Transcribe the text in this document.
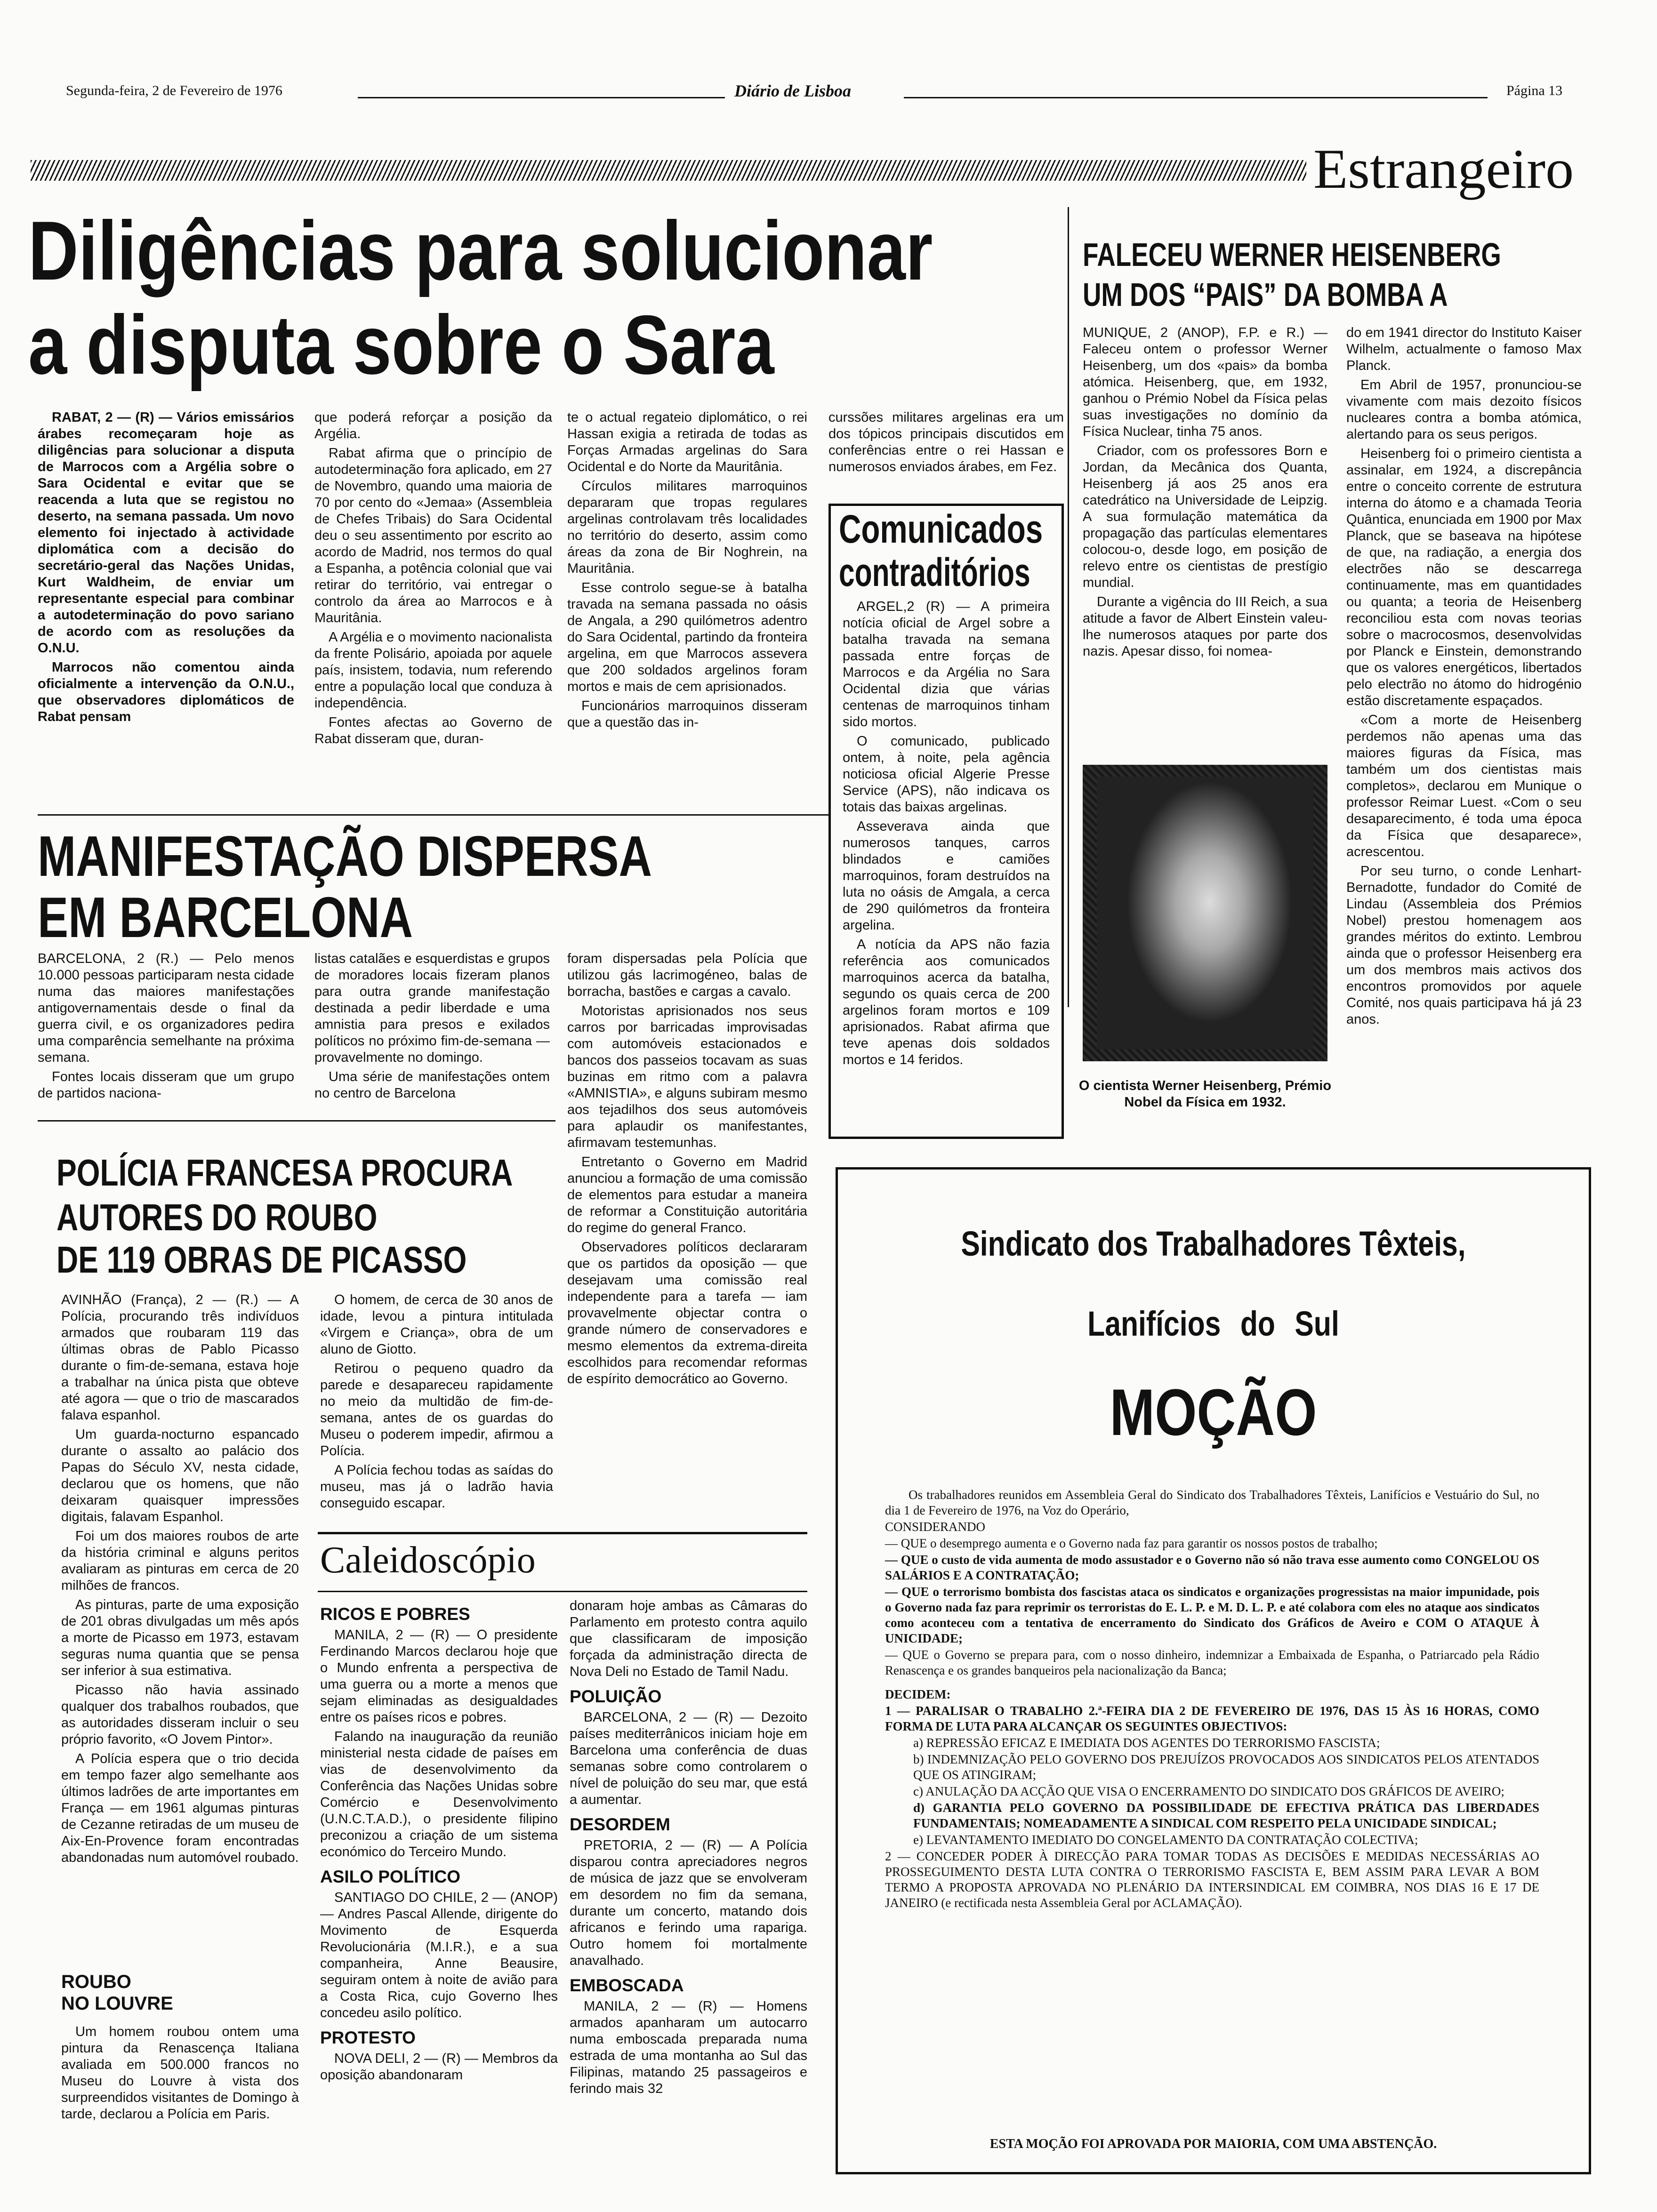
Segunda-feira, 2 de Fevereiro de 1976	Diário de Lisboa	Página 13
Estrangeiro
Diligências para solucionar
a disputa sobre o Sara

RABAT, 2 — (R) — Vários emissários árabes recomeçaram hoje as diligências para solucionar a disputa de Marrocos com a Argélia sobre o Sara Ocidental e evitar que se reacenda a luta que se registou no deserto, na semana passada. Um novo elemento foi injectado à actividade diplomática com a decisão do secretário-geral das Nações Unidas, Kurt Waldheim, de enviar um representante especial para combinar a autodeterminação do povo sariano de acordo com as resoluções da O.N.U.

Marrocos não comentou ainda oficialmente a intervenção da O.N.U., que observadores diplomáticos de Rabat pensam

que poderá reforçar a posição da Argélia.

Rabat afirma que o princípio de autodeterminação fora aplicado, em 27 de Novembro, quando uma maioria de 70 por cento do «Jemaa» (Assembleia de Chefes Tribais) do Sara Ocidental deu o seu assentimento por escrito ao acordo de Madrid, nos termos do qual a Espanha, a potência colonial que vai retirar do território, vai entregar o controlo da área ao Marrocos e à Mauritânia.

A Argélia e o movimento nacionalista da frente Polisário, apoiada por aquele país, insistem, todavia, num referendo entre a população local que conduza à independência.

Fontes afectas ao Governo de Rabat disseram que, duran-

te o actual regateio diplomático, o rei Hassan exigia a retirada de todas as Forças Armadas argelinas do Sara Ocidental e do Norte da Mauritânia.

Círculos militares marroquinos depararam que tropas regulares argelinas controlavam três localidades no território do deserto, assim como áreas da zona de Bir Noghrein, na Mauritânia.

Esse controlo segue-se à batalha travada na semana passada no oásis de Angala, a 290 quilómetros adentro do Sara Ocidental, partindo da fronteira argelina, em que Marrocos assevera que 200 soldados argelinos foram mortos e mais de cem aprisionados.

Funcionários marroquinos disseram que a questão das in-

curssões militares argelinas era um dos tópicos principais discutidos em conferências entre o rei Hassan e numerosos enviados árabes, em Fez.

Comunicados
contraditórios

ARGEL,2 (R) — A primeira notícia oficial de Argel sobre a batalha travada na semana passada entre forças de Marrocos e da Argélia no Sara Ocidental dizia que várias centenas de marroquinos tinham sido mortos.

O comunicado, publicado ontem, à noite, pela agência noticiosa oficial Algerie Presse Service (APS), não indicava os totais das baixas argelinas.

Asseverava ainda que numerosos tanques, carros blindados e camiões marroquinos, foram destruídos na luta no oásis de Amgala, a cerca de 290 quilómetros da fronteira argelina.

A notícia da APS não fazia referência aos comunicados marroquinos acerca da batalha, segundo os quais cerca de 200 argelinos foram mortos e 109 aprisionados. Rabat afirma que teve apenas dois soldados mortos e 14 feridos.

FALECEU WERNER HEISENBERG
UM DOS “PAIS” DA BOMBA A

MUNIQUE, 2 (ANOP), F.P. e R.) — Faleceu ontem o professor Werner Heisenberg, um dos «pais» da bomba atómica. Heisenberg, que, em 1932, ganhou o Prémio Nobel da Física pelas suas investigações no domínio da Física Nuclear, tinha 75 anos.

Criador, com os professores Born e Jordan, da Mecânica dos Quanta, Heisenberg já aos 25 anos era catedrático na Universidade de Leipzig. A sua formulação matemática da propagação das partículas elementares colocou-o, desde logo, em posição de relevo entre os cientistas de prestígio mundial.

Durante a vigência do III Reich, a sua atitude a favor de Albert Einstein valeu-lhe numerosos ataques por parte dos nazis. Apesar disso, foi nomea-

O cientista Werner Heisenberg, Prémio Nobel da Física em 1932.

do em 1941 director do Instituto Kaiser Wilhelm, actualmente o famoso Max Planck.

Em Abril de 1957, pronunciou-se vivamente com mais dezoito físicos nucleares contra a bomba atómica, alertando para os seus perigos.

Heisenberg foi o primeiro cientista a assinalar, em 1924, a discrepância entre o conceito corrente de estrutura interna do átomo e a chamada Teoria Quântica, enunciada em 1900 por Max Planck, que se baseava na hipótese de que, na radiação, a energia dos electrões não se descarrega continuamente, mas em quantidades ou quanta; a teoria de Heisenberg reconciliou esta com novas teorias sobre o macrocosmos, desenvolvidas por Planck e Einstein, demonstrando que os valores energéticos, libertados pelo electrão no átomo do hidrogénio estão discretamente espaçados.

«Com a morte de Heisenberg perdemos não apenas uma das maiores figuras da Física, mas também um dos cientistas mais completos», declarou em Munique o professor Reimar Luest. «Com o seu desaparecimento, é toda uma época da Física que desaparece», acrescentou.

Por seu turno, o conde Lenhart-Bernadotte, fundador do Comité de Lindau (Assembleia dos Prémios Nobel) prestou homenagem aos grandes méritos do extinto. Lembrou ainda que o professor Heisenberg era um dos membros mais activos dos encontros promovidos por aquele Comité, nos quais participava há já 23 anos.

MANIFESTAÇÃO DISPERSA
EM BARCELONA

BARCELONA, 2 (R.) — Pelo menos 10.000 pessoas participaram nesta cidade numa das maiores manifestações antigovernamentais desde o final da guerra civil, e os organizadores pedira uma comparência semelhante na próxima semana.

Fontes locais disseram que um grupo de partidos naciona-

listas catalães e esquerdistas e grupos de moradores locais fizeram planos para outra grande manifestação destinada a pedir liberdade e uma amnistia para presos e exilados políticos no próximo fim-de-semana — provavelmente no domingo.

Uma série de manifestações ontem no centro de Barcelona

foram dispersadas pela Polícia que utilizou gás lacrimogéneo, balas de borracha, bastões e cargas a cavalo.

Motoristas aprisionados nos seus carros por barricadas improvisadas com automóveis estacionados e bancos dos passeios tocavam as suas buzinas em ritmo com a palavra «AMNISTIA», e alguns subiram mesmo aos tejadilhos dos seus automóveis para aplaudir os manifestantes, afirmavam testemunhas.

Entretanto o Governo em Madrid anunciou a formação de uma comissão de elementos para estudar a maneira de reformar a Constituição autoritária do regime do general Franco.

Observadores políticos declararam que os partidos da oposição — que desejavam uma comissão real independente para a tarefa — iam provavelmente objectar contra o grande número de conservadores e mesmo elementos da extrema-direita escolhidos para recomendar reformas de espírito democrático ao Governo.

POLÍCIA FRANCESA PROCURA
AUTORES DO ROUBO
DE 119 OBRAS DE PICASSO

AVINHÃO (França), 2 — (R.) — A Polícia, procurando três indivíduos armados que roubaram 119 das últimas obras de Pablo Picasso durante o fim-de-semana, estava hoje a trabalhar na única pista que obteve até agora — que o trio de mascarados falava espanhol.

Um guarda-nocturno espancado durante o assalto ao palácio dos Papas do Século XV, nesta cidade, declarou que os homens, que não deixaram quaisquer impressões digitais, falavam Espanhol.

Foi um dos maiores roubos de arte da história criminal e alguns peritos avaliaram as pinturas em cerca de 20 milhões de francos.

As pinturas, parte de uma exposição de 201 obras divulgadas um mês após a morte de Picasso em 1973, estavam seguras numa quantia que se pensa ser inferior à sua estimativa.

Picasso não havia assinado qualquer dos trabalhos roubados, que as autoridades disseram incluir o seu próprio favorito, «O Jovem Pintor».

A Polícia espera que o trio decida em tempo fazer algo semelhante aos últimos ladrões de arte importantes em França — em 1961 algumas pinturas de Cezanne retiradas de um museu de Aix-En-Provence foram encontradas abandonadas num automóvel roubado.

O homem, de cerca de 30 anos de idade, levou a pintura intitulada «Virgem e Criança», obra de um aluno de Giotto.

Retirou o pequeno quadro da parede e desapareceu rapidamente no meio da multidão de fim-de-semana, antes de os guardas do Museu o poderem impedir, afirmou a Polícia.

A Polícia fechou todas as saídas do museu, mas já o ladrão havia conseguido escapar.

ROUBO
NO LOUVRE

Um homem roubou ontem uma pintura da Renascença Italiana avaliada em 500.000 francos no Museu do Louvre à vista dos surpreendidos visitantes de Domingo à tarde, declarou a Polícia em Paris.

Caleidoscópio

RICOS E POBRES

MANILA, 2 — (R) — O presidente Ferdinando Marcos declarou hoje que o Mundo enfrenta a perspectiva de uma guerra ou a morte a menos que sejam eliminadas as desigualdades entre os países ricos e pobres.

Falando na inauguração da reunião ministerial nesta cidade de países em vias de desenvolvimento da Conferência das Nações Unidas sobre Comércio e Desenvolvimento (U.N.C.T.A.D.), o presidente filipino preconizou a criação de um sistema económico do Terceiro Mundo.

ASILO POLÍTICO

SANTIAGO DO CHILE, 2 — (ANOP) — Andres Pascal Allende, dirigente do Movimento de Esquerda Revolucionária (M.I.R.), e a sua companheira, Anne Beausire, seguiram ontem à noite de avião para a Costa Rica, cujo Governo lhes concedeu asilo político.

PROTESTO

NOVA DELI, 2 — (R) — Membros da oposição abandonaram

donaram hoje ambas as Câmaras do Parlamento em protesto contra aquilo que classificaram de imposição forçada da administração directa de Nova Deli no Estado de Tamil Nadu.

POLUIÇÃO

BARCELONA, 2 — (R) — Dezoito países mediterrânicos iniciam hoje em Barcelona uma conferência de duas semanas sobre como controlarem o nível de poluição do seu mar, que está a aumentar.

DESORDEM

PRETORIA, 2 — (R) — A Polícia disparou contra apreciadores negros de música de jazz que se envolveram em desordem no fim da semana, durante um concerto, matando dois africanos e ferindo uma rapariga. Outro homem foi mortalmente anavalhado.

EMBOSCADA

MANILA, 2 — (R) — Homens armados apanharam um autocarro numa emboscada preparada numa estrada de uma montanha ao Sul das Filipinas, matando 25 passageiros e ferindo mais 32

Sindicato dos Trabalhadores Têxteis,
Lanifícios do Sul
MOÇÃO

Os trabalhadores reunidos em Assembleia Geral do Sindicato dos Trabalhadores Têxteis, Lanifícios e Vestuário do Sul, no dia 1 de Fevereiro de 1976, na Voz do Operário,

CONSIDERANDO

— QUE o desemprego aumenta e o Governo nada faz para garantir os nossos postos de trabalho;

— QUE o custo de vida aumenta de modo assustador e o Governo não só não trava esse aumento como CONGELOU OS SALÁRIOS E A CONTRATAÇÃO;

— QUE o terrorismo bombista dos fascistas ataca os sindicatos e organizações progressistas na maior impunidade, pois o Governo nada faz para reprimir os terroristas do E. L. P. e M. D. L. P. e até colabora com eles no ataque aos sindicatos como aconteceu com a tentativa de encerramento do Sindicato dos Gráficos de Aveiro e COM O ATAQUE À UNICIDADE;

— QUE o Governo se prepara para, com o nosso dinheiro, indemnizar a Embaixada de Espanha, o Patriarcado pela Rádio Renascença e os grandes banqueiros pela nacionalização da Banca;

DECIDEM:

1 — PARALISAR O TRABALHO 2.ª-FEIRA DIA 2 DE FEVEREIRO DE 1976, DAS 15 ÀS 16 HORAS, COMO FORMA DE LUTA PARA ALCANÇAR OS SEGUINTES OBJECTIVOS:

a) REPRESSÃO EFICAZ E IMEDIATA DOS AGENTES DO TERRORISMO FASCISTA;

b) INDEMNIZAÇÃO PELO GOVERNO DOS PREJUÍZOS PROVOCADOS AOS SINDICATOS PELOS ATENTADOS QUE OS ATINGIRAM;

c) ANULAÇÃO DA ACÇÃO QUE VISA O ENCERRAMENTO DO SINDICATO DOS GRÁFICOS DE AVEIRO;

d) GARANTIA PELO GOVERNO DA POSSIBILIDADE DE EFECTIVA PRÁTICA DAS LIBERDADES FUNDAMENTAIS; NOMEADAMENTE A SINDICAL COM RESPEITO PELA UNICIDADE SINDICAL;

e) LEVANTAMENTO IMEDIATO DO CONGELAMENTO DA CONTRATAÇÃO COLECTIVA;

2 — CONCEDER PODER À DIRECÇÃO PARA TOMAR TODAS AS DECISÕES E MEDIDAS NECESSÁRIAS AO PROSSEGUIMENTO DESTA LUTA CONTRA O TERRORISMO FASCISTA E, BEM ASSIM PARA LEVAR A BOM TERMO A PROPOSTA APROVADA NO PLENÁRIO DA INTERSINDICAL EM COIMBRA, NOS DIAS 16 E 17 DE JANEIRO (e rectificada nesta Assembleia Geral por ACLAMAÇÃO).

ESTA MOÇÃO FOI APROVADA POR MAIORIA, COM UMA ABSTENÇÃO.
